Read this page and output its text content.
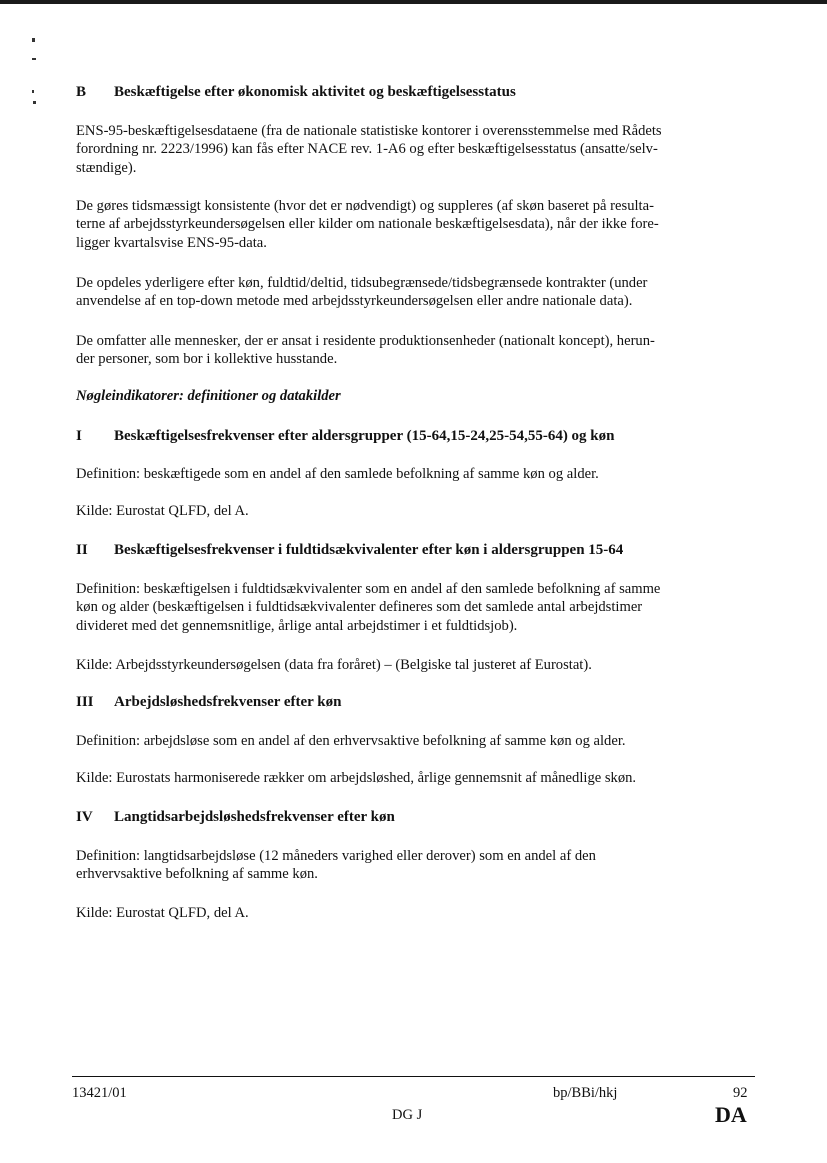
B Beskæftigelse efter økonomisk aktivitet og beskæftigelsesstatus
ENS-95-beskæftigelsesdataene (fra de nationale statistiske kontorer i overensstemmelse med Rådets
forordning nr. 2223/1996) kan fås efter NACE rev. 1-A6 og efter beskæftigelsesstatus (ansatte/selv-
stændige).
De gøres tidsmæssigt konsistente (hvor det er nødvendigt) og suppleres (af skøn baseret på resulta-
terne af arbejdsstyrkeundersøgelsen eller kilder om nationale beskæftigelsesdata), når der ikke fore-
ligger kvartalsvise ENS-95-data.
De opdeles yderligere efter køn, fuldtid/deltid, tidsubegrænsede/tidsbegrænsede kontrakter (under
anvendelse af en top-down metode med arbejdsstyrkeundersøgelsen eller andre nationale data).
De omfatter alle mennesker, der er ansat i residente produktionsenheder (nationalt koncept), herun-
der personer, som bor i kollektive husstande.
Nøgleindikatorer: definitioner og datakilder
I Beskæftigelsesfrekvenser efter aldersgrupper (15-64,15-24,25-54,55-64) og køn
Definition: beskæftigede som en andel af den samlede befolkning af samme køn og alder.
Kilde: Eurostat QLFD, del A.
II Beskæftigelsesfrekvenser i fuldtidsækvivalenter efter køn i aldersgruppen 15-64
Definition: beskæftigelsen i fuldtidsækvivalenter som en andel af den samlede befolkning af samme
køn og alder (beskæftigelsen i fuldtidsækvivalenter defineres som det samlede antal arbejdstimer
divideret med det gennemsnitlige, årlige antal arbejdstimer i et fuldtidsjob).
Kilde: Arbejdsstyrkeundersøgelsen (data fra foråret) – (Belgiske tal justeret af Eurostat).
III Arbejdsløshedsfrekvenser efter køn
Definition: arbejdsløse som en andel af den erhvervsaktive befolkning af samme køn og alder.
Kilde: Eurostats harmoniserede rækker om arbejdsløshed, årlige gennemsnit af månedlige skøn.
IV Langtidsarbejdsløshedsfrekvenser efter køn
Definition: langtidsarbejdsløse (12 måneders varighed eller derover) som en andel af den
erhvervsaktive befolkning af samme køn.
Kilde: Eurostat QLFD, del A.
13421/01	bp/BBi/hkj	92
DG J	DA
